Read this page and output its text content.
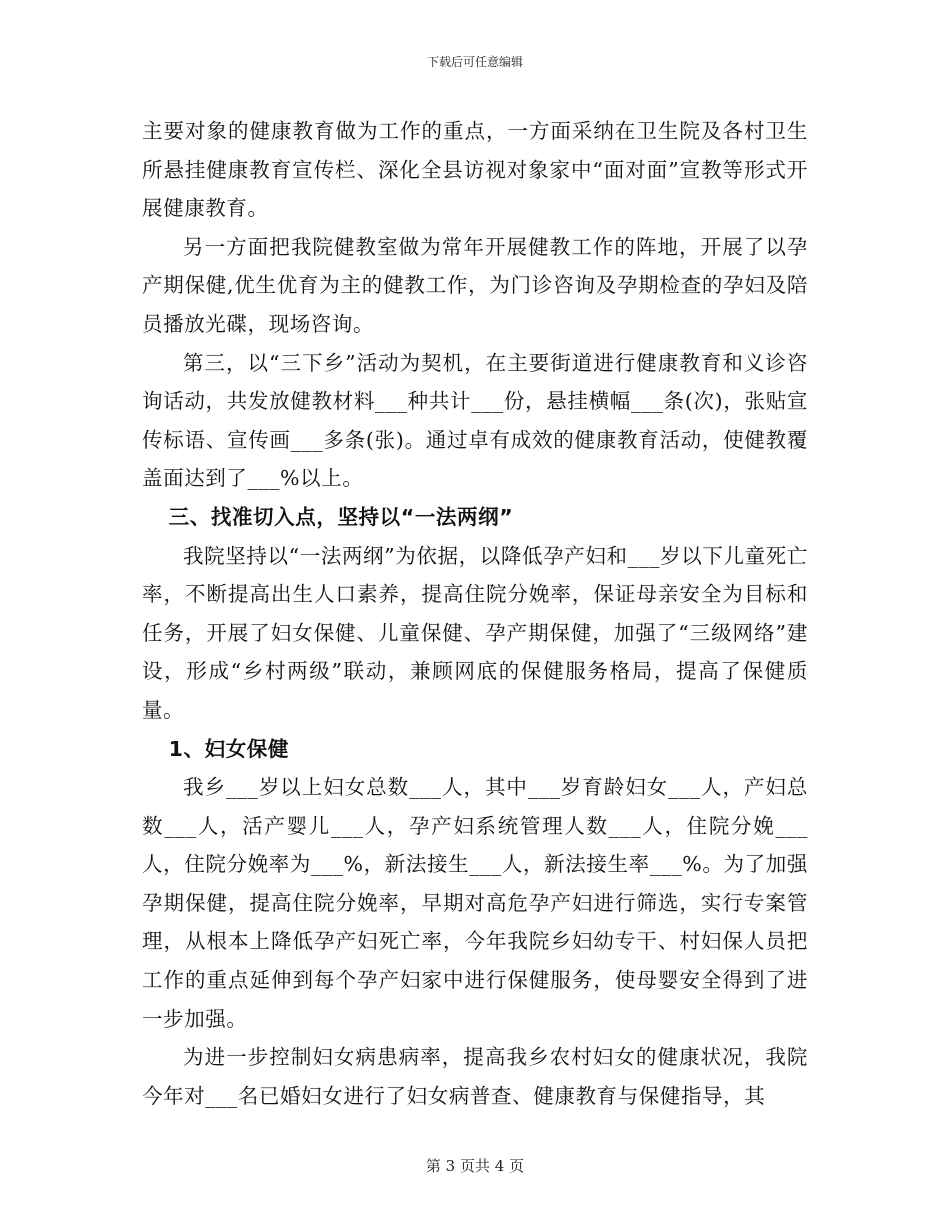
下载后可任意编辑

主要对象的健康教育做为工作的重点，一方面采纳在卫生院及各村卫生所悬挂健康教育宣传栏、深化全县访视对象家中“面对面”宣教等形式开展健康教育。

另一方面把我院健教室做为常年开展健教工作的阵地，开展了以孕产期保健,优生优育为主的健教工作，为门诊咨询及孕期检查的孕妇及陪员播放光碟，现场咨询。

第三，以“三下乡”活动为契机，在主要街道进行健康教育和义诊咨询话动，共发放健教材料___种共计___份，悬挂横幅___条(次)，张贴宣传标语、宣传画___多条(张)。通过卓有成效的健康教育活动，使健教覆盖面达到了___%以上。

三、找准切入点，坚持以“一法两纲”

我院坚持以“一法两纲”为依据，以降低孕产妇和___岁以下儿童死亡率，不断提高出生人口素养，提高住院分娩率，保证母亲安全为目标和任务，开展了妇女保健、儿童保健、孕产期保健，加强了“三级网络”建设，形成“乡村两级”联动，兼顾网底的保健服务格局，提高了保健质量。

1、妇女保健

我乡___岁以上妇女总数___人，其中___岁育龄妇女___人，产妇总数___人，活产婴儿___人，孕产妇系统管理人数___人，住院分娩___人，住院分娩率为___%，新法接生___人，新法接生率___%。为了加强孕期保健，提高住院分娩率，早期对高危孕产妇进行筛选，实行专案管理，从根本上降低孕产妇死亡率，今年我院乡妇幼专干、村妇保人员把工作的重点延伸到每个孕产妇家中进行保健服务，使母婴安全得到了进一步加强。

为进一步控制妇女病患病率，提高我乡农村妇女的健康状况，我院今年对___名已婚妇女进行了妇女病普查、健康教育与保健指导，其

第 3 页共 4 页
